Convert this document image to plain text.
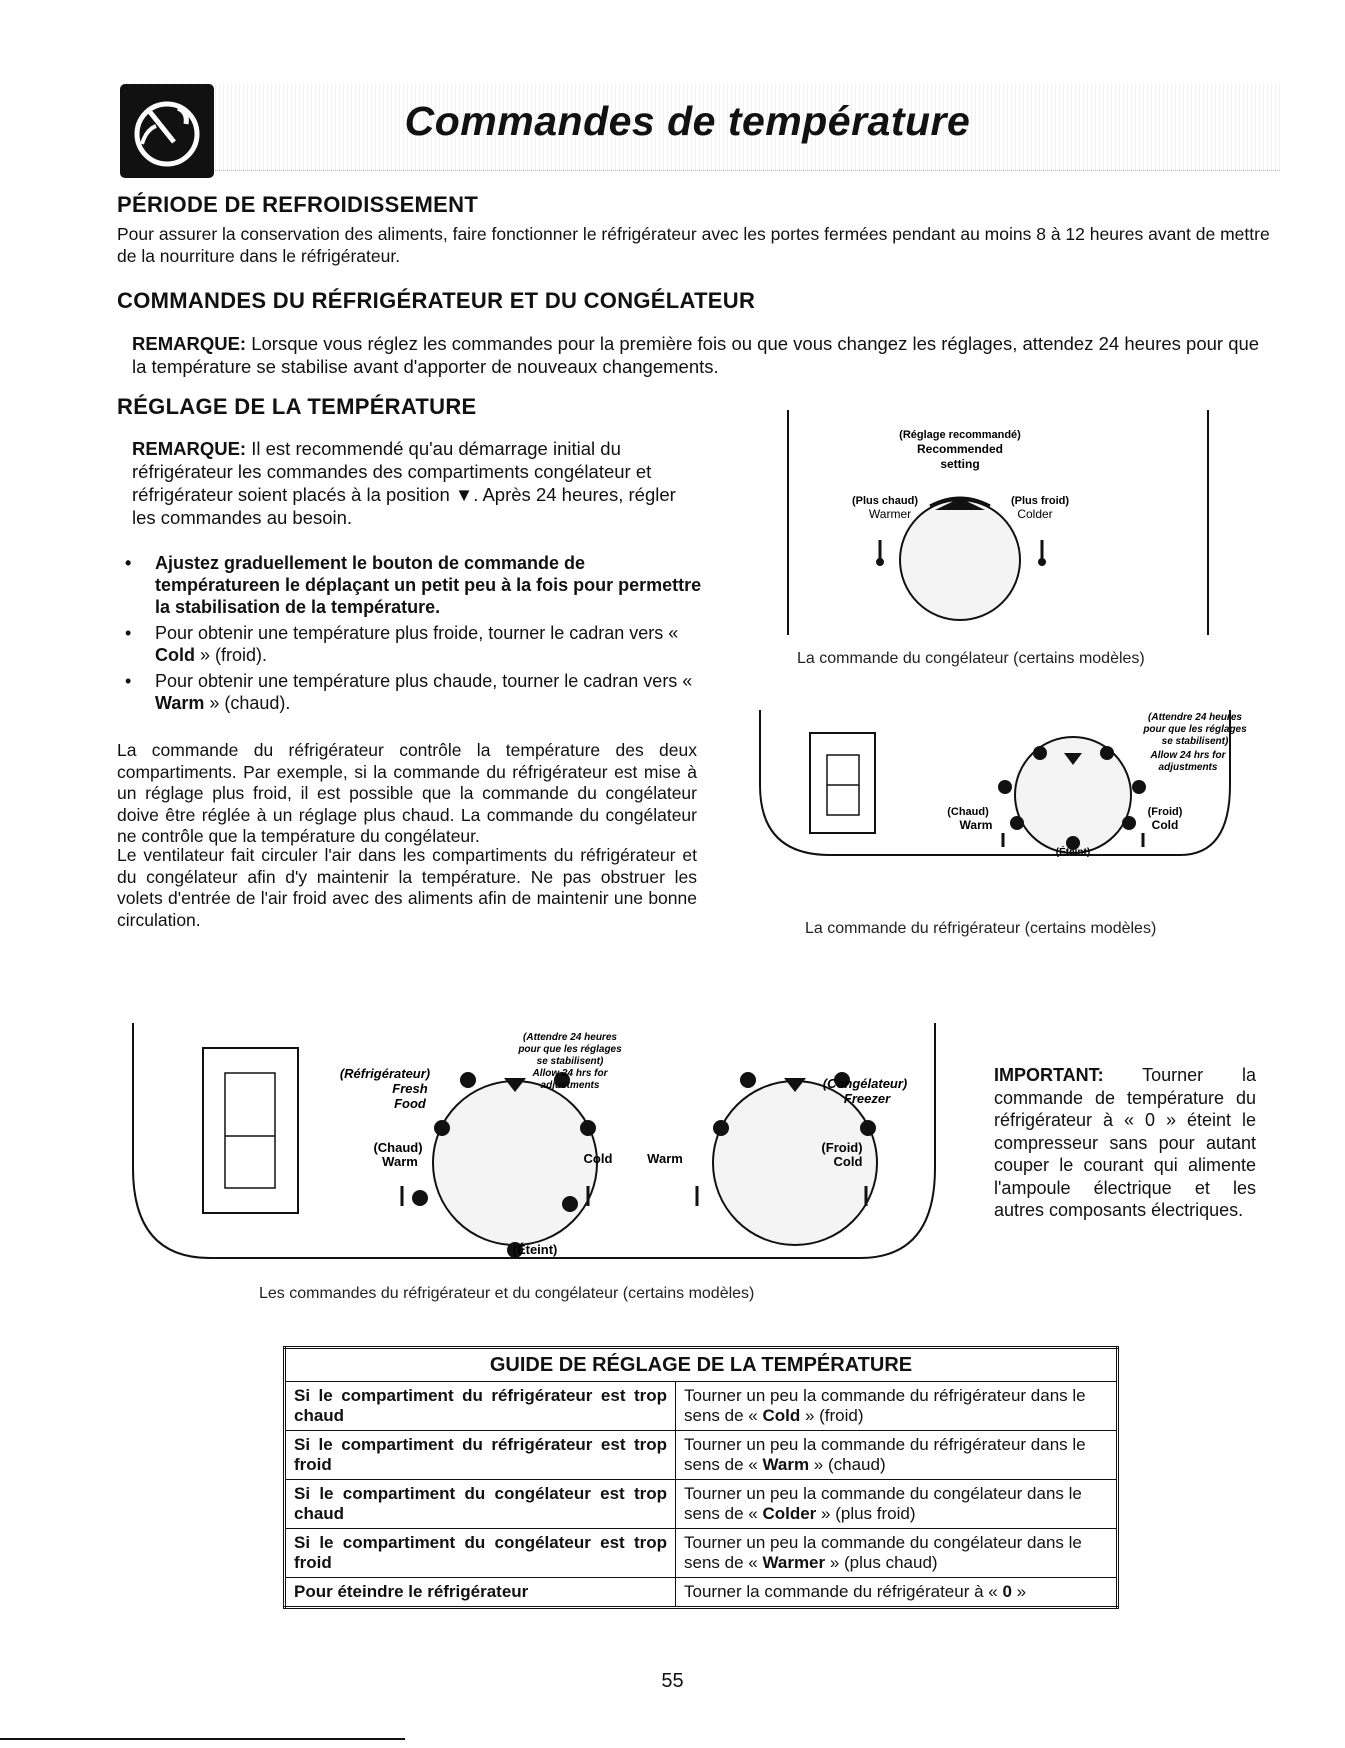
Commandes de température
PÉRIODE DE REFROIDISSEMENT

Pour assurer la conservation des aliments, faire fonctionner le réfrigérateur avec les portes fermées pendant au moins 8 à 12 heures avant de mettre de la nourriture dans le réfrigérateur.

COMMANDES DU RÉFRIGÉRATEUR ET DU CONGÉLATEUR

REMARQUE: Lorsque vous réglez les commandes pour la première fois ou que vous changez les réglages, attendez 24 heures pour que la température se stabilise avant d'apporter de nouveaux changements.

RÉGLAGE DE LA TEMPÉRATURE

REMARQUE: Il est recommendé qu'au démarrage initial du réfrigérateur les commandes des compartiments congélateur et réfrigérateur soient placés à la position ▼. Après 24 heures, régler les commandes au besoin.

• Ajustez graduellement le bouton de commande de températureen le déplaçant un petit peu à la fois pour permettre la stabilisation de la température.
• Pour obtenir une température plus froide, tourner le cadran vers « Cold » (froid).
• Pour obtenir une température plus chaude, tourner le cadran vers « Warm » (chaud).

La commande du réfrigérateur contrôle la température des deux compartiments. Par exemple, si la commande du réfrigérateur est mise à un réglage plus froid, il est possible que la commande du congélateur doive être réglée à un réglage plus chaud. La commande du congélateur ne contrôle que la température du congélateur.

Le ventilateur fait circuler l'air dans les compartiments du réfrigérateur et du congélateur afin d'y maintenir la température. Ne pas obstruer les volets d'entrée de l'air froid avec des aliments afin de maintenir une bonne circulation.

(Réglage recommandé)
Recommended
setting
(Plus chaud)
Warmer
(Plus froid)
Colder
La commande du congélateur (certains modèles)
(Attendre 24 heures
pour que les réglages
se stabilisent)
Allow 24 hrs for
adjustments
(Chaud)
Warm
(Froid)
Cold
(Éteint)
La commande du réfrigérateur (certains modèles)
(Attendre 24 heures
pour que les réglages
se stabilisent)
Allow 24 hrs for
adjustments
(Réfrigérateur)
Fresh
Food
(Chaud)
Warm	Cold	Warm
(Congélateur)
Freezer
(Froid)
Cold
(Éteint)
Les commandes du réfrigérateur et du congélateur (certains modèles)

IMPORTANT: Tourner la commande de température du réfrigérateur à « 0 » éteint le compresseur sans pour autant couper le courant qui alimente l'ampoule électrique et les autres composants électriques.

GUIDE DE RÉGLAGE DE LA TEMPÉRATURE	
Si le compartiment du réfrigérateur est trop chaud	Tourner un peu la commande du réfrigérateur dans le sens de « Cold » (froid)
Si le compartiment du réfrigérateur est trop froid	Tourner un peu la commande du réfrigérateur dans le sens de « Warm » (chaud)
Si le compartiment du congélateur est trop chaud	Tourner un peu la commande du congélateur dans le sens de « Colder » (plus froid)
Si le compartiment du congélateur est trop froid	Tourner un peu la commande du congélateur dans le sens de « Warmer » (plus chaud)
Pour éteindre le réfrigérateur	Tourner la commande du réfrigérateur à « 0 »
55
